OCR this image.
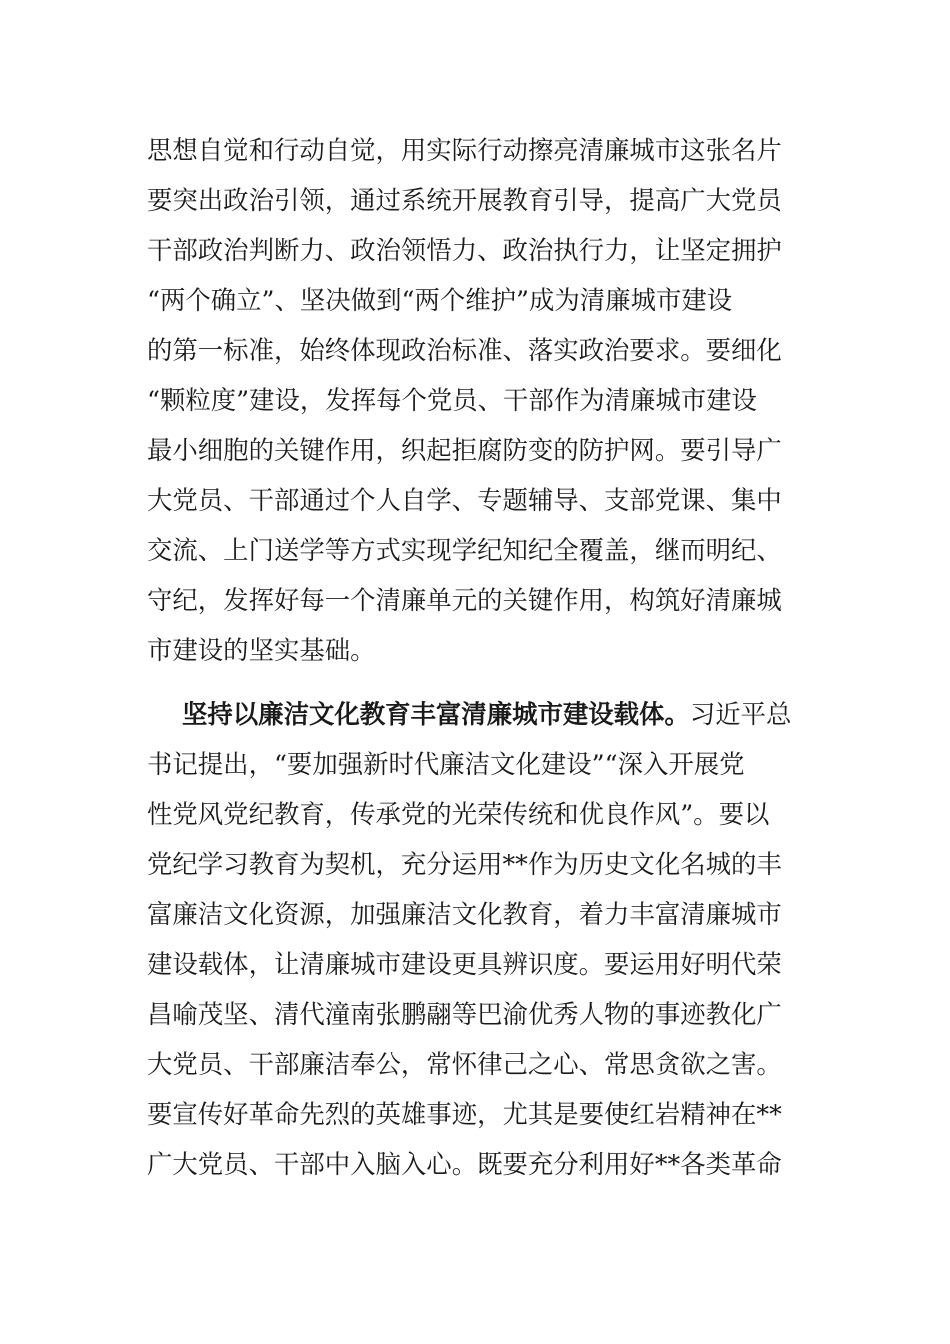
思想自觉和行动自觉，用实际行动擦亮清廉城市这张名片
要突出政治引领，通过系统开展教育引导，提高广大党员
干部政治判断力、政治领悟力、政治执行力，让坚定拥护
“两个确立”、坚决做到“两个维护”成为清廉城市建设
的第一标准，始终体现政治标准、落实政治要求。要细化
“颗粒度”建设，发挥每个党员、干部作为清廉城市建设
最小细胞的关键作用，织起拒腐防变的防护网。要引导广
大党员、干部通过个人自学、专题辅导、支部党课、集中
交流、上门送学等方式实现学纪知纪全覆盖，继而明纪、
守纪，发挥好每一个清廉单元的关键作用，构筑好清廉城
市建设的坚实基础。
坚持以廉洁文化教育丰富清廉城市建设载体。习近平总
书记提出，“要加强新时代廉洁文化建设”“深入开展党
性党风党纪教育，传承党的光荣传统和优良作风”。要以
党纪学习教育为契机，充分运用**作为历史文化名城的丰
富廉洁文化资源，加强廉洁文化教育，着力丰富清廉城市
建设载体，让清廉城市建设更具辨识度。要运用好明代荣
昌喻茂坚、清代潼南张鹏翮等巴渝优秀人物的事迹教化广
大党员、干部廉洁奉公，常怀律己之心、常思贪欲之害。
要宣传好革命先烈的英雄事迹，尤其是要使红岩精神在**
广大党员、干部中入脑入心。既要充分利用好**各类革命
